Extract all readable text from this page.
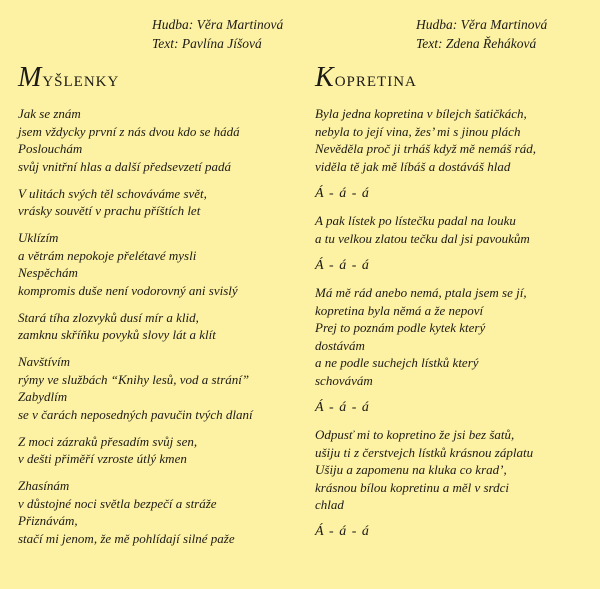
Hudba: Věra Martinová
Text: Pavlína Jíšová
Myšlenky
Jak se znám
jsem vždycky první z nás dvou kdo se hádá
Poslouchám
svůj vnitřní hlas a další předsevzetí padá
V ulitách svých těl schováváme svět,
vrásky souvětí v prachu příštích let
Uklízím
a větrám nepokoje přelétavé mysli
Nespěchám
kompromis duše není vodorovný ani svislý
Stará tíha zlozvyků dusí mír a klid,
zamknu skříňku povyků slovy lát a klít
Navštívím
rýmy ve službách “Knihy lesů, vod a strání”
Zabydlím
se v čarách neposedných pavučin tvých dlaní
Z moci zázraků přesadím svůj sen,
v dešti přiměří vzroste útlý kmen
Zhasínám
v důstojné noci světla bezpečí a stráže
Přiznávám,
stačí mi jenom, že mě pohlídají silné paže
Hudba: Věra Martinová
Text: Zdena Řeháková
Kopretina
Byla jedna kopretina v bílejch šatičkách,
nebyla to její vina, žes’ mi s jinou plách
Nevěděla proč ji trháš když mě nemáš rád,
viděla tě jak mě líbáš a dostáváš hlad
Á - á - á
A pak lístek po lístečku padal na louku
a tu velkou zlatou tečku dal jsi pavoukům
Á - á - á
Má mě rád anebo nemá, ptala jsem se jí,
kopretina byla němá a že nepoví
Prej to poznám podle kytek který
dostávám
a ne podle suchejch lístků který
schovávám
Á - á - á
Odpusť mi to kopretino že jsi bez šatů,
ušiju ti z čerstvejch lístků krásnou záplatu
Ušiju a zapomenu na kluka co krad’,
krásnou bílou kopretinu a měl v srdci
chlad
Á - á - á
